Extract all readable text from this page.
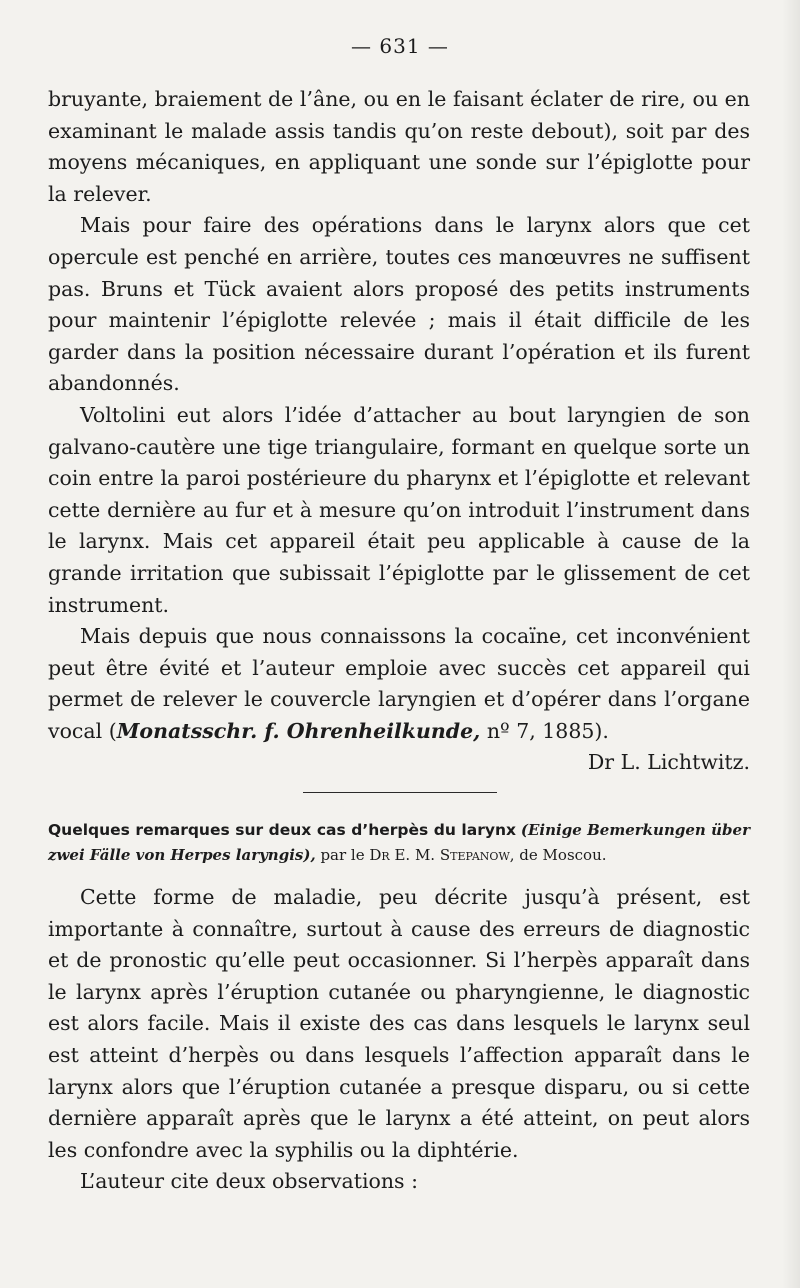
— 631 —

bruyante, braiement de l’âne, ou en le faisant éclater de rire, ou en examinant le malade assis tandis qu’on reste debout), soit par des moyens mécaniques, en appliquant une sonde sur l’épiglotte pour la relever.

Mais pour faire des opérations dans le larynx alors que cet opercule est penché en arrière, toutes ces manœuvres ne suffisent pas. Bruns et Tück avaient alors proposé des petits instruments pour maintenir l’épiglotte relevée ; mais il était difficile de les garder dans la position nécessaire durant l’opération et ils furent abandonnés.

Voltolini eut alors l’idée d’attacher au bout laryngien de son galvano-cautère une tige triangulaire, formant en quelque sorte un coin entre la paroi postérieure du pharynx et l’épiglotte et relevant cette dernière au fur et à mesure qu’on introduit l’instrument dans le larynx. Mais cet appareil était peu applicable à cause de la grande irritation que subissait l’épiglotte par le glissement de cet instrument.

Mais depuis que nous connaissons la cocaïne, cet inconvénient peut être évité et l’auteur emploie avec succès cet appareil qui permet de relever le couvercle laryngien et d’opérer dans l’organe vocal (Monatsschr. f. Ohrenheilkunde, nº 7, 1885).
Dr L. Lichtwitz.

Quelques remarques sur deux cas d’herpès du larynx (Einige Bemerkungen über zwei Fälle von Herpes laryngis), par le Dr E. M. Stepanow, de Moscou.

Cette forme de maladie, peu décrite jusqu’à présent, est importante à connaître, surtout à cause des erreurs de diagnostic et de pronostic qu’elle peut occasionner. Si l’herpès apparaît dans le larynx après l’éruption cutanée ou pharyngienne, le diagnostic est alors facile. Mais il existe des cas dans lesquels le larynx seul est atteint d’herpès ou dans lesquels l’affection apparaît dans le larynx alors que l’éruption cutanée a presque disparu, ou si cette dernière apparaît après que le larynx a été atteint, on peut alors les confondre avec la syphilis ou la diphtérie.

L’auteur cite deux observations :
